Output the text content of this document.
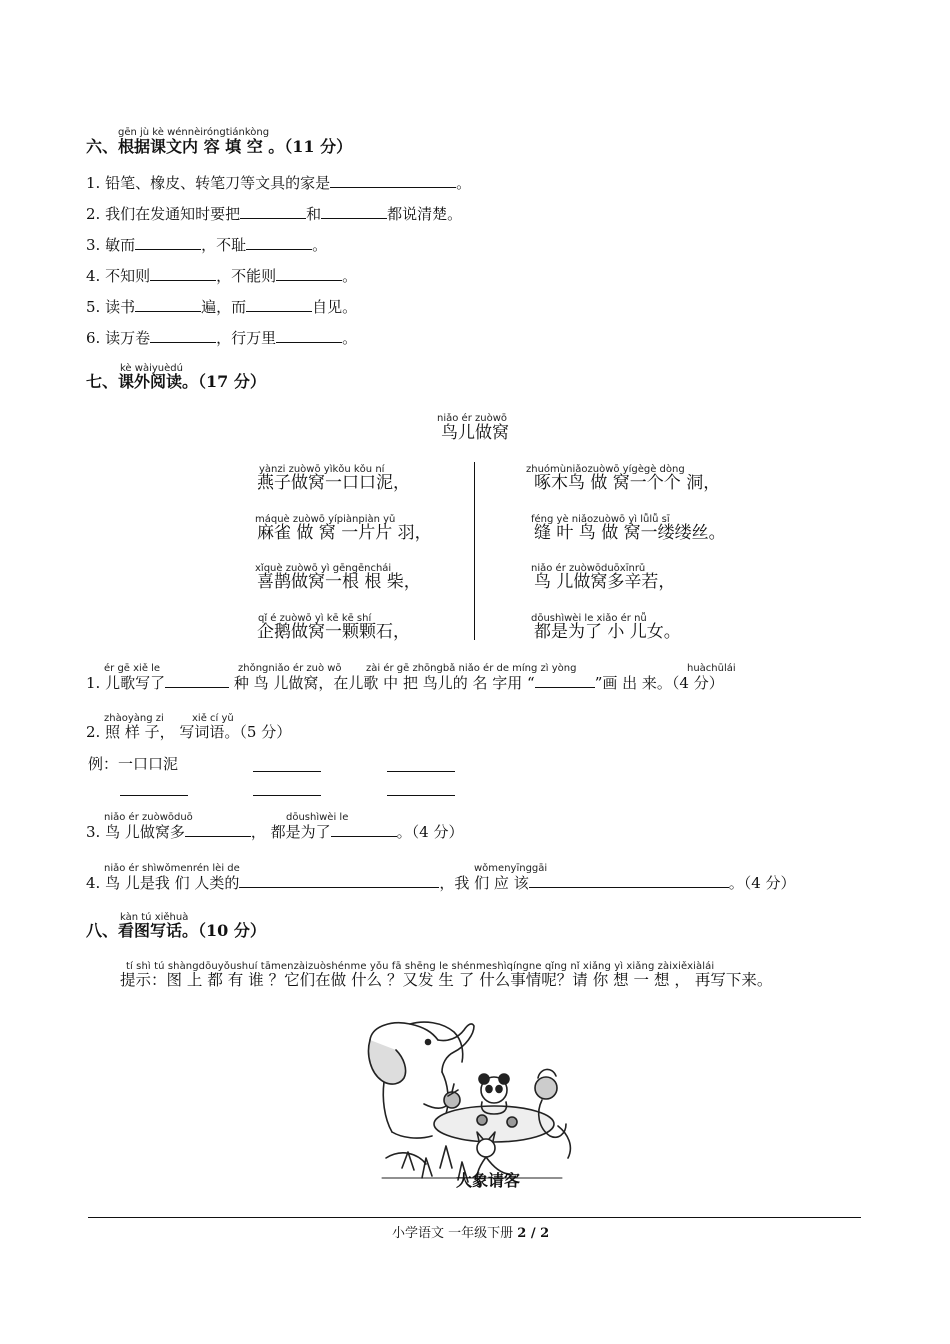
gēn jù kè wénnèiróngtiánkòng
六、根据课文内 容 填 空 。（11 分）
1. 铅笔、橡皮、转笔刀等文具的家是	。
2. 我们在发通知时要把	和	都说清楚。
3. 敏而	，不耻	。
4. 不知则	，不能则	。
5. 读书	遍，而	自见。
6. 读万卷	，行万里	。
kè wàiyuèdú
七、课外阅读。（17 分）
niǎo ér zuòwō
鸟儿做窝
yànzi zuòwō yìkǒu kǒu ní
燕子做窝一口口泥，
máquè zuòwō yípiànpiàn yǔ
麻雀 做 窝 一片片 羽，
xǐquè zuòwō yì gēngēnchái
喜鹊做窝一根 根 柴，
qǐ é zuòwō yì kē kē shí
企鹅做窝一颗颗石，
zhuómùniǎozuòwō yígègè dòng
啄木鸟 做 窝一个个 洞，
féng yè niǎozuòwō yì lǚlǚ sī
缝 叶 鸟 做 窝一缕缕丝。
niǎo ér zuòwōduōxīnrǔ
鸟 儿做窝多辛若，
dōushìwèi le xiǎo ér nǚ
都是为了 小 儿女。
ér gē xiě le	zhǒngniǎo ér zuò wō zài ér gē zhōngbǎ niǎo ér de míng zì yòng	huàchūlái
1. 儿歌写了	种 鸟 儿做窝，在儿歌 中 把 鸟儿的 名 字用 “	”画 出 来。（4 分）
zhàoyàng zi	xiě cí yǔ
2. 照 样 子， 写词语。（5 分）
例：一口口泥
niǎo ér zuòwōduō	dōushìwèi le
3. 鸟 儿做窝多	， 都是为了	。（4 分）
niǎo ér shìwǒmenrén lèi de	wǒmenyīnggāi
4. 鸟 儿是我 们 人类的	，我 们 应 该	。（4 分）
kàn tú xiěhuà
八、看图写话。（10 分）
tí shì tú shàngdōuyǒushuí tāmenzàizuòshénme yǒu fā shēng le shénmeshìqíngne qǐng nǐ xiǎng yì xiǎng zàixiěxiàlái
提示：图 上 都 有 谁 ？它们在做 什么 ？又发 生 了 什么事情呢？请 你 想 一 想 ， 再写下来。
大象请客
小学语文 一年级下册 2 / 2
